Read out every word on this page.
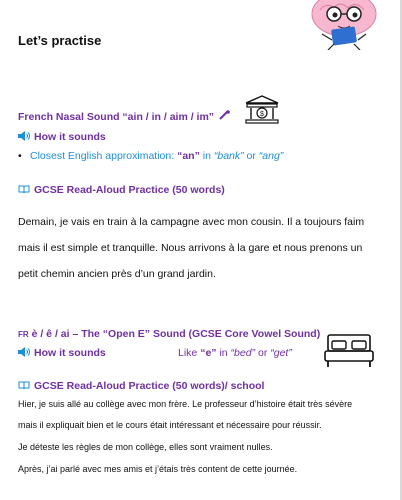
Let’s practise
French Nasal Sound “ain / in / aim / im”	$
How it sounds
• Closest English approximation: “an” in “bank” or “ang”
GCSE Read-Aloud Practice (50 words)
Demain, je vais en train à la campagne avec mon cousin. Il a toujours faim
mais il est simple et tranquille. Nous arrivons à la gare et nous prenons un
petit chemin ancien près d’un grand jardin.
FR è / ê / ai – The “Open E” Sound (GCSE Core Vowel Sound)
How it sounds	Like “e” in “bed” or “get”
GCSE Read-Aloud Practice (50 words)/ school
Hier, je suis allé au collège avec mon frère. Le professeur d’histoire était très sévère
mais il expliquait bien et le cours était intéressant et nécessaire pour réussir.
Je déteste les règles de mon collège, elles sont vraiment nulles.
Après, j’ai parlé avec mes amis et j’étais très content de cette journée.
